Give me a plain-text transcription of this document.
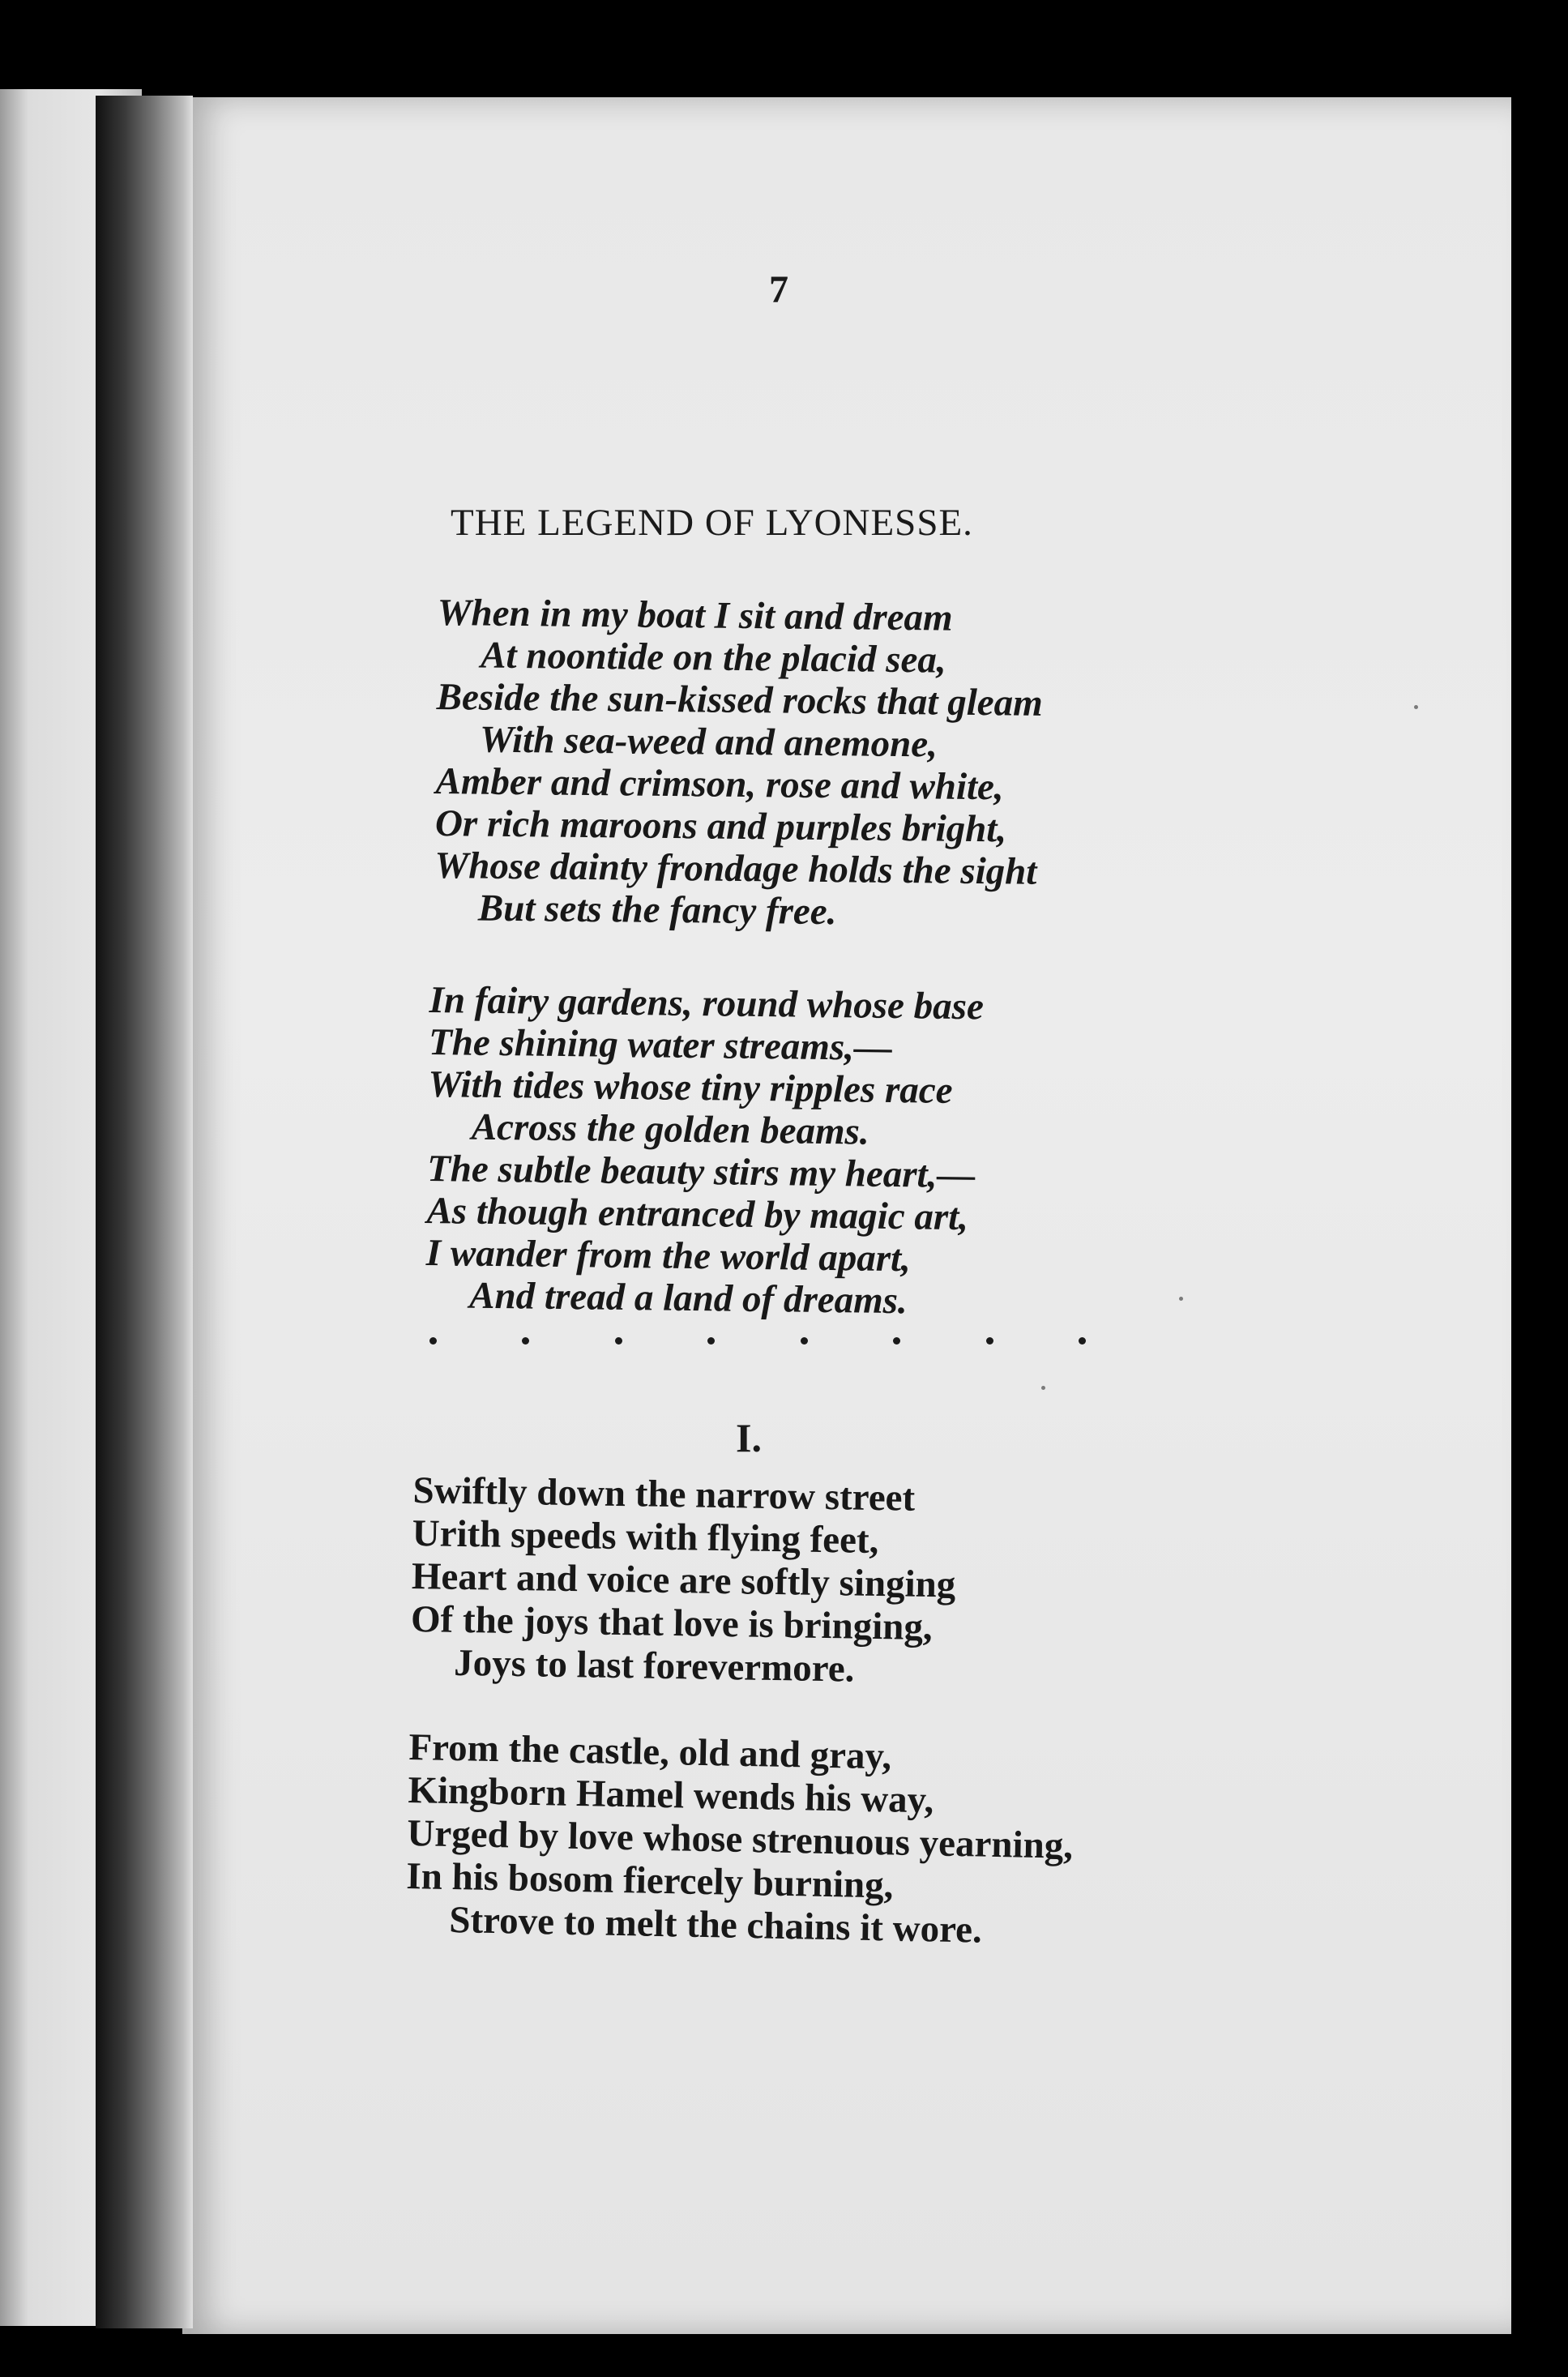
7
THE LEGEND OF LYONESSE.
When in my boat I sit and dream
At noontide on the placid sea,
Beside the sun-kissed rocks that gleam
With sea-weed and anemone,
Amber and crimson, rose and white,
Or rich maroons and purples bright,
Whose dainty frondage holds the sight
But sets the fancy free.
In fairy gardens, round whose base
The shining water streams,—
With tides whose tiny ripples race
Across the golden beams.
The subtle beauty stirs my heart,—
As though entranced by magic art,
I wander from the world apart,
And tread a land of dreams.
I.
Swiftly down the narrow street
Urith speeds with flying feet,
Heart and voice are softly singing
Of the joys that love is bringing,
Joys to last forevermore.
From the castle, old and gray,
Kingborn Hamel wends his way,
Urged by love whose strenuous yearning,
In his bosom fiercely burning,
Strove to melt the chains it wore.
